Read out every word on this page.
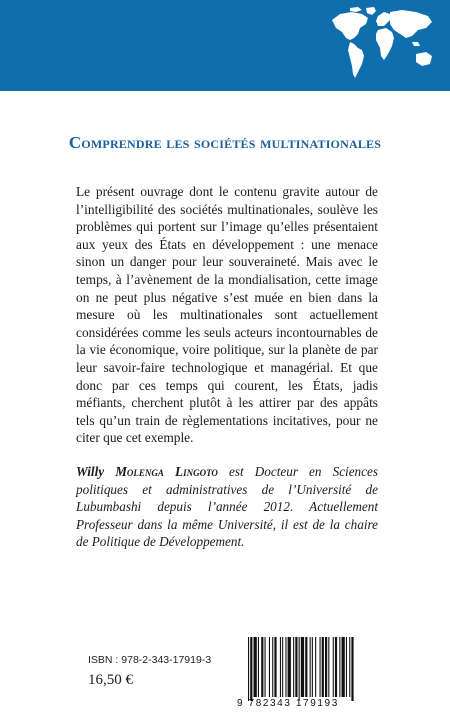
Comprendre les sociétés multinationales

Le présent ouvrage dont le contenu gravite autour de l’intelligibilité des sociétés multinationales, soulève les problèmes qui portent sur l’image qu’elles présentaient aux yeux des États en développement : une menace sinon un danger pour leur souveraineté. Mais avec le temps, à l’avènement de la mondialisation, cette image on ne peut plus négative s’est muée en bien dans la mesure où les multinationales sont actuellement considérées comme les seuls acteurs incontournables de la vie économique, voire politique, sur la planète de par leur savoir-faire technologique et managérial. Et que donc par ces temps qui courent, les États, jadis méfiants, cherchent plutôt à les attirer par des appâts tels qu’un train de règlementations incitatives, pour ne citer que cet exemple.

Willy Molenga Lingoto est Docteur en Sciences politiques et administratives de l’Université de Lubumbashi depuis l’année 2012. Actuellement Professeur dans la même Université, il est de la chaire de Politique de Développement.

ISBN : 978-2-343-17919-3
16,50 €
9 782343 179193
